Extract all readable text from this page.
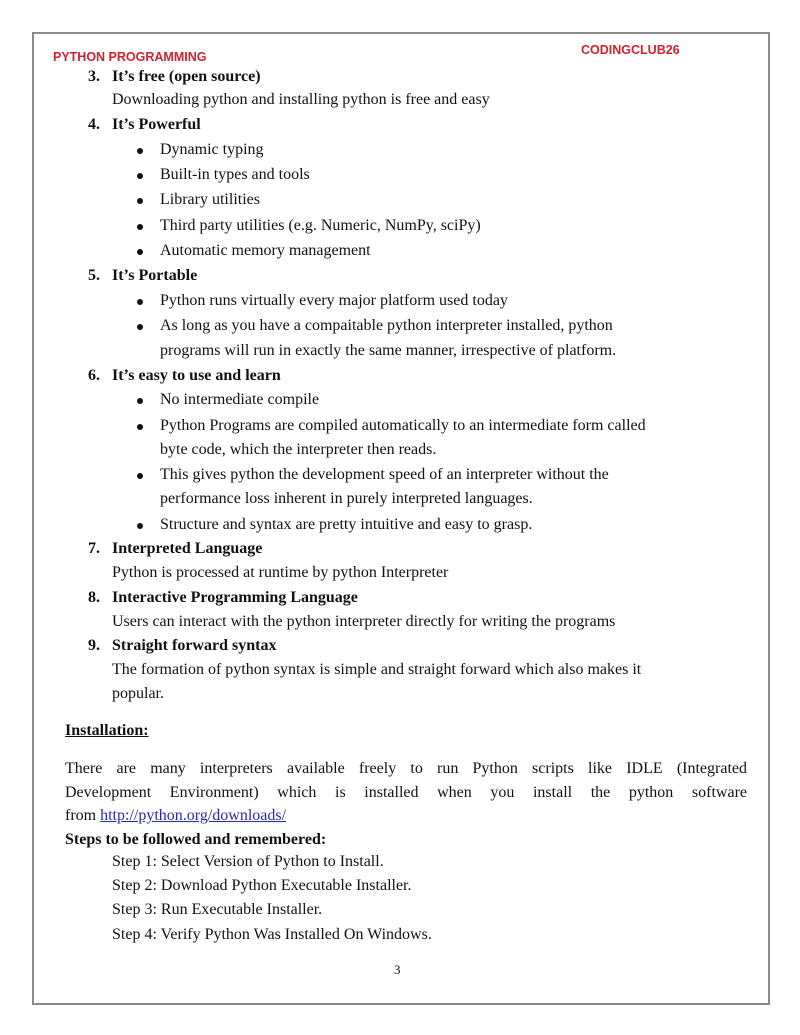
PYTHON PROGRAMMING	CODINGCLUB26
3. It’s free (open source)
Downloading python and installing python is free and easy
4. It’s Powerful
Dynamic typing
Built-in types and tools
Library utilities
Third party utilities (e.g. Numeric, NumPy, sciPy)
Automatic memory management
5. It’s Portable
Python runs virtually every major platform used today
As long as you have a compaitable python interpreter installed, python
programs will run in exactly the same manner, irrespective of platform.
6. It’s easy to use and learn
No intermediate compile
Python Programs are compiled automatically to an intermediate form called
byte code, which the interpreter then reads.
This gives python the development speed of an interpreter without the
performance loss inherent in purely interpreted languages.
Structure and syntax are pretty intuitive and easy to grasp.
7. Interpreted Language
Python is processed at runtime by python Interpreter
8. Interactive Programming Language
Users can interact with the python interpreter directly for writing the programs
9. Straight forward syntax
The formation of python syntax is simple and straight forward which also makes it
popular.
Installation:
There are many interpreters available freely to run Python scripts like IDLE (Integrated
Development Environment) which is installed when you install the python software
from http://python.org/downloads/
Steps to be followed and remembered:
Step 1: Select Version of Python to Install.
Step 2: Download Python Executable Installer.
Step 3: Run Executable Installer.
Step 4: Verify Python Was Installed On Windows.
3
